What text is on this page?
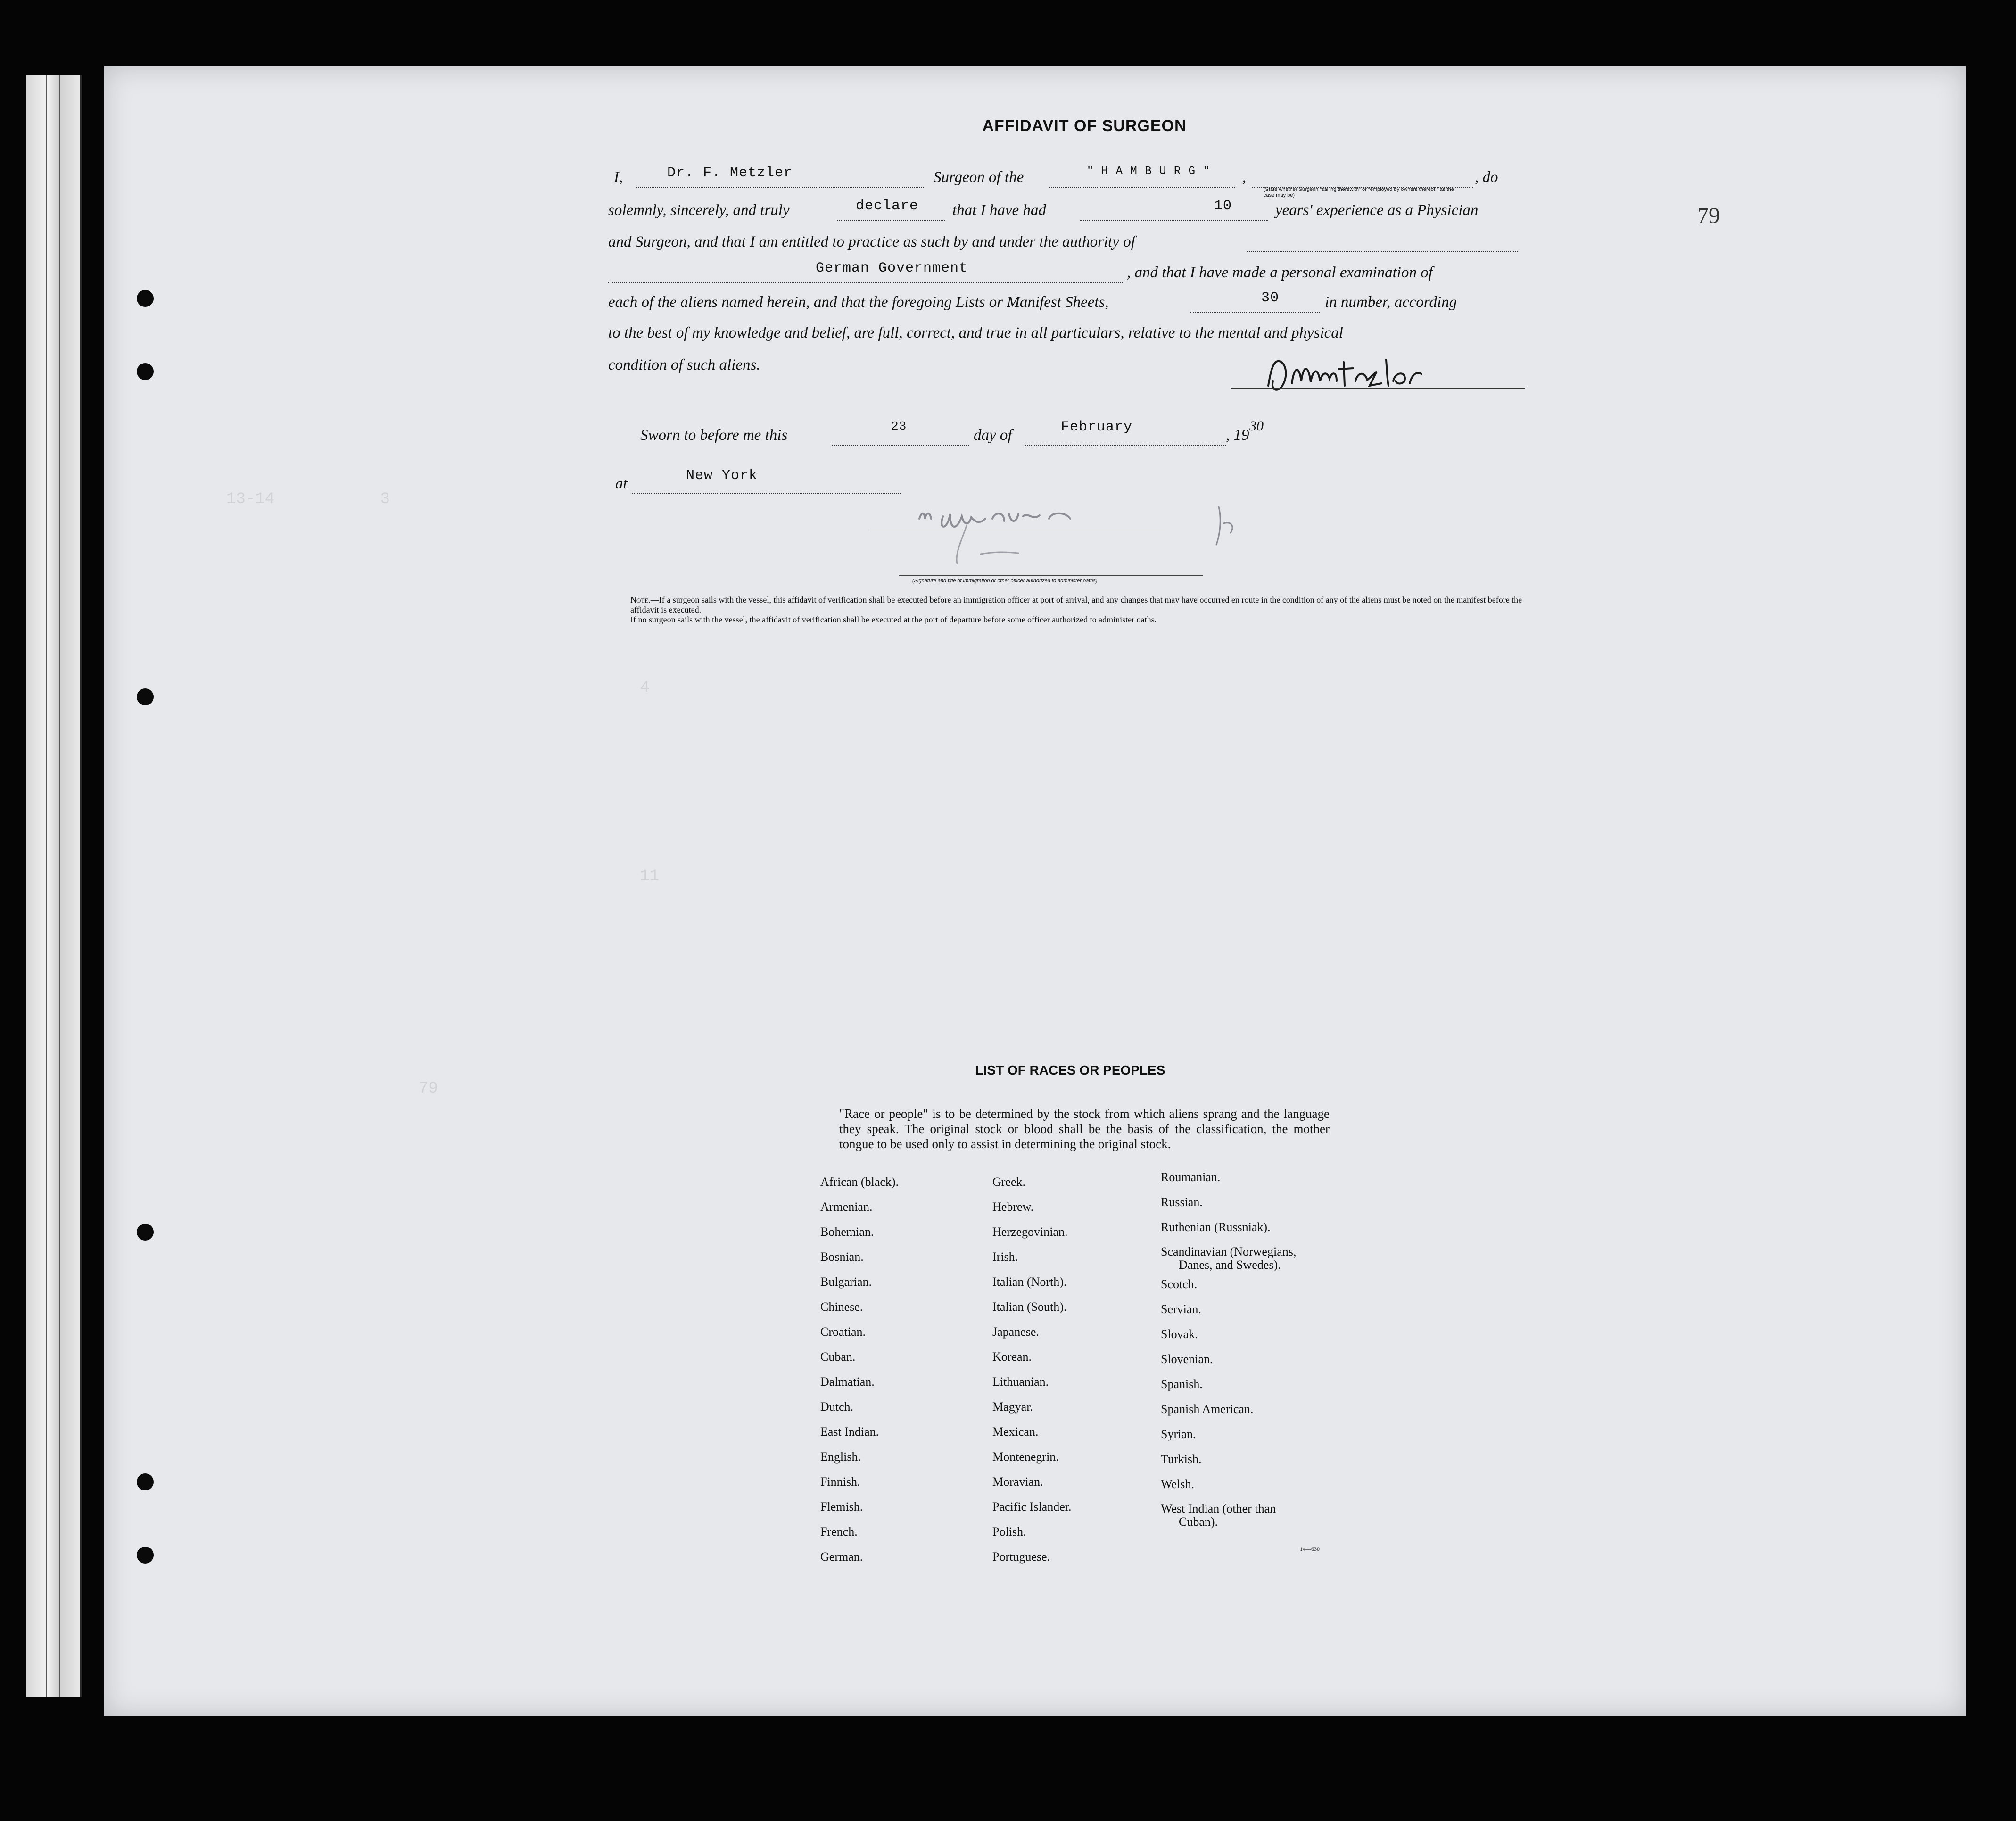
13-14           3
4
11
79
79
AFFIDAVIT OF SURGEON
I,	Dr. F. Metzler	Surgeon of the	" H A M B U R G " ,
(State whether Surgeon "sailing therewith" or "employed by owners thereof," as the case may be)
, do
solemnly, sincerely, and truly	declare that I have had	10	years' experience as a Physician
and Surgeon, and that I am entitled to practice as such by and under the authority of
German Government	, and that I have made a personal examination of
each of the aliens named herein, and that the foregoing Lists or Manifest Sheets,	30	in number, according
to the best of my knowledge and belief, are full, correct, and true in all particulars, relative to the mental and physical
condition of such aliens.
Sworn to before me this
23
day of	February	, 19
30
at	New York
(Signature and title of immigration or other officer authorized to administer oaths)

Note.—If a surgeon sails with the vessel, this affidavit of verification shall be executed before an immigration officer at port of arrival, and any changes that may have occurred en route in the condition of any of the aliens must be noted on the manifest before the affidavit is executed.

If no surgeon sails with the vessel, the affidavit of verification shall be executed at the port of departure before some officer authorized to administer oaths.

LIST OF RACES OR PEOPLES
"Race or people" is to be determined by the stock from which aliens sprang and the language they speak. The original stock or blood shall be the basis of the classification, the mother tongue to be used only to assist in determining the original stock.
African (black).
Armenian.
Bohemian.
Bosnian.
Bulgarian.
Chinese.
Croatian.
Cuban.
Dalmatian.
Dutch.
East Indian.
English.
Finnish.
Flemish.
French.
German.
Greek.
Hebrew.
Herzegovinian.
Irish.
Italian (North).
Italian (South).
Japanese.
Korean.
Lithuanian.
Magyar.
Mexican.
Montenegrin.
Moravian.
Pacific Islander.
Polish.
Portuguese.
Roumanian.
Russian.
Ruthenian (Russniak).
Scandinavian (Norwegians,
Danes, and Swedes).
Scotch.
Servian.
Slovak.
Slovenian.
Spanish.
Spanish American.
Syrian.
Turkish.
Welsh.
West Indian (other than
Cuban).
14—630
